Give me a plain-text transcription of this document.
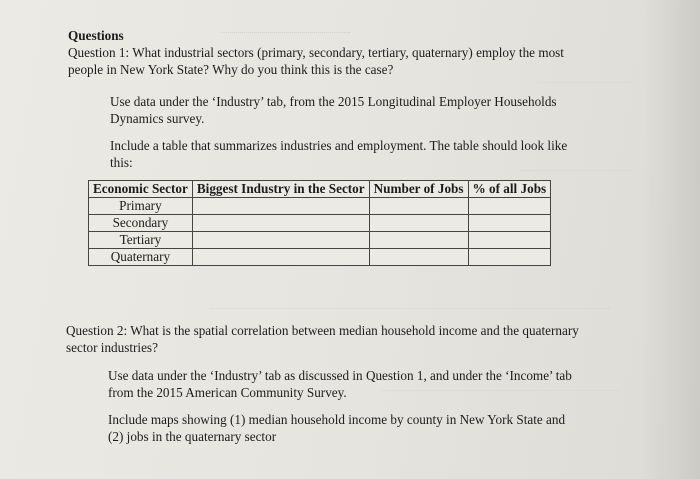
Questions
Question 1: What industrial sectors (primary, secondary, tertiary, quaternary) employ the most
people in New York State? Why do you think this is the case?
Use data under the ‘Industry’ tab, from the 2015 Longitudinal Employer Households
Dynamics survey.
Include a table that summarizes industries and employment. The table should look like
this:
Economic Sector	Biggest Industry in the Sector	Number of Jobs	% of all Jobs
Primary			
Secondary			
Tertiary			
Quaternary			
Question 2: What is the spatial correlation between median household income and the quaternary
sector industries?
Use data under the ‘Industry’ tab as discussed in Question 1, and under the ‘Income’ tab
from the 2015 American Community Survey.
Include maps showing (1) median household income by county in New York State and
(2) jobs in the quaternary sector
